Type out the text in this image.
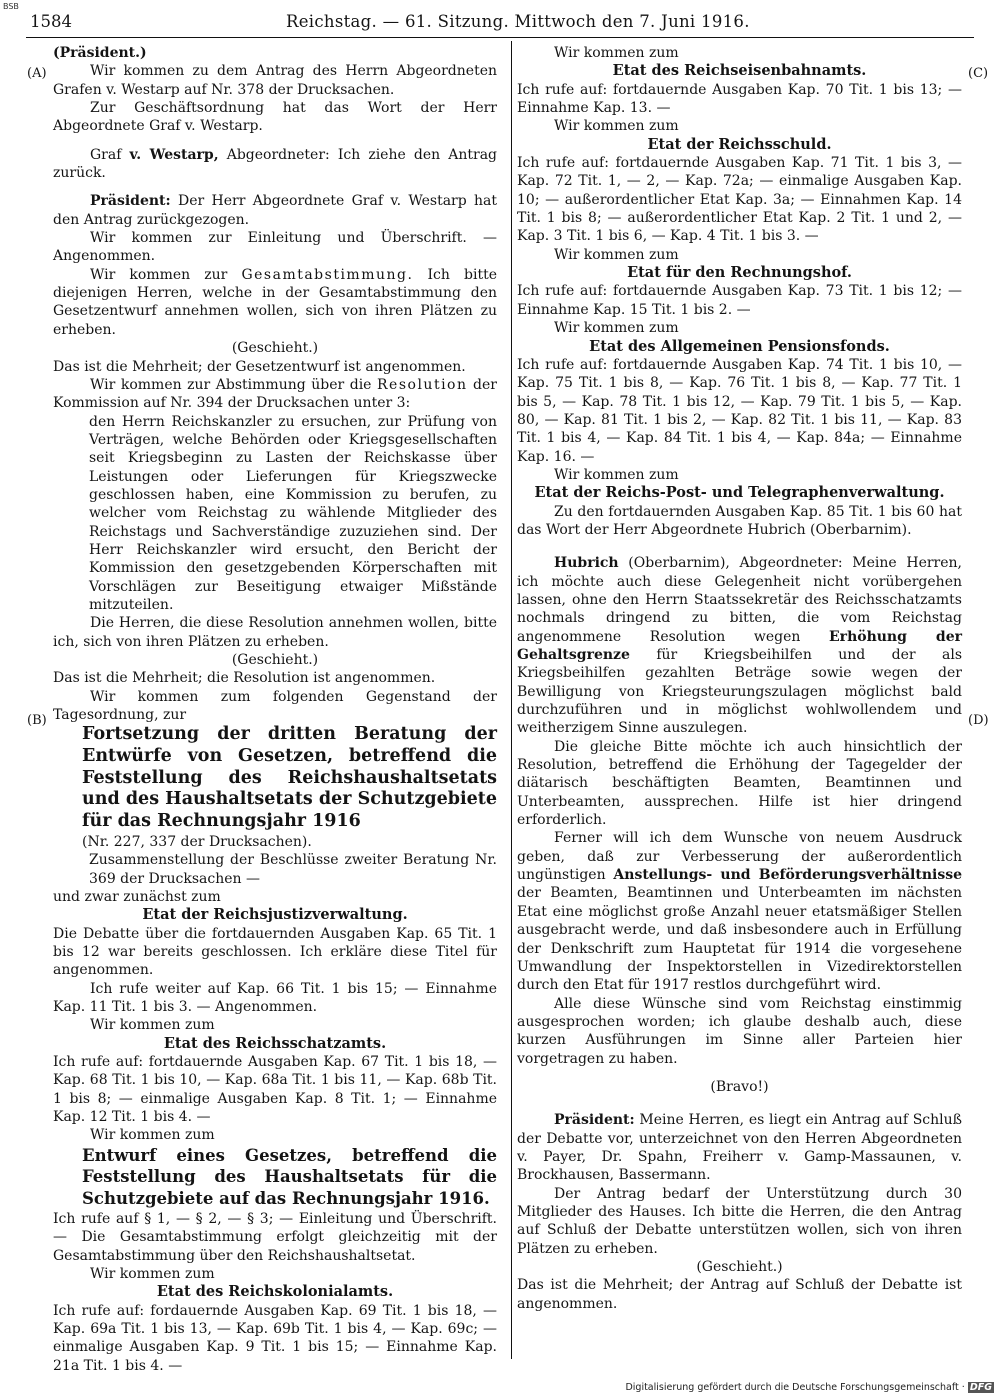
BSB
1584	Reichstag. — 61. Sitzung. Mittwoch den 7. Juni 1916.
(A)
(B)
(C)
(D)

(Präsident.)

Wir kommen zu dem Antrag des Herrn Abgeordneten Grafen v. Westarp auf Nr. 378 der Drucksachen.

Zur Geschäftsordnung hat das Wort der Herr Abgeordnete Graf v. Westarp.

Graf v. Westarp, Abgeordneter: Ich ziehe den Antrag zurück.

Präsident: Der Herr Abgeordnete Graf v. Westarp hat den Antrag zurückgezogen.

Wir kommen zur Einleitung und Überschrift. — Angenommen.

Wir kommen zur Gesamtabstimmung. Ich bitte diejenigen Herren, welche in der Gesamtabstimmung den Gesetzentwurf annehmen wollen, sich von ihren Plätzen zu erheben.

(Geschieht.)

Das ist die Mehrheit; der Gesetzentwurf ist angenommen.

Wir kommen zur Abstimmung über die Resolution der Kommission auf Nr. 394 der Drucksachen unter 3:

den Herrn Reichskanzler zu ersuchen, zur Prüfung von Verträgen, welche Behörden oder Kriegsgesellschaften seit Kriegsbeginn zu Lasten der Reichskasse über Leistungen oder Lieferungen für Kriegszwecke geschlossen haben, eine Kommission zu berufen, zu welcher vom Reichstag zu wählende Mitglieder des Reichstags und Sachverständige zuzuziehen sind. Der Herr Reichskanzler wird ersucht, den Bericht der Kommission den gesetzgebenden Körperschaften mit Vorschlägen zur Beseitigung etwaiger Mißstände mitzuteilen.

Die Herren, die diese Resolution annehmen wollen, bitte ich, sich von ihren Plätzen zu erheben.

(Geschieht.)

Das ist die Mehrheit; die Resolution ist angenommen.

Wir kommen zum folgenden Gegenstand der Tagesordnung, zur

Fortsetzung der dritten Beratung der Entwürfe von Gesetzen, betreffend die Feststellung des Reichshaushaltsetats und des Haushaltsetats der Schutzgebiete für das Rechnungsjahr 1916

(Nr. 227, 337 der Drucksachen).

Zusammenstellung der Beschlüsse zweiter Beratung Nr. 369 der Drucksachen —

und zwar zunächst zum

Etat der Reichsjustizverwaltung.

Die Debatte über die fortdauernden Ausgaben Kap. 65 Tit. 1 bis 12 war bereits geschlossen. Ich erkläre diese Titel für angenommen.

Ich rufe weiter auf Kap. 66 Tit. 1 bis 15; — Einnahme Kap. 11 Tit. 1 bis 3. — Angenommen.

Wir kommen zum

Etat des Reichsschatzamts.

Ich rufe auf: fortdauernde Ausgaben Kap. 67 Tit. 1 bis 18, — Kap. 68 Tit. 1 bis 10, — Kap. 68a Tit. 1 bis 11, — Kap. 68b Tit. 1 bis 8; — einmalige Ausgaben Kap. 8 Tit. 1; — Einnahme Kap. 12 Tit. 1 bis 4. —

Wir kommen zum

Entwurf eines Gesetzes, betreffend die Feststellung des Haushaltsetats für die Schutzgebiete auf das Rechnungsjahr 1916.

Ich rufe auf § 1, — § 2, — § 3; — Einleitung und Überschrift. — Die Gesamtabstimmung erfolgt gleichzeitig mit der Gesamtabstimmung über den Reichshaushaltsetat.

Wir kommen zum

Etat des Reichskolonialamts.

Ich rufe auf: fordauernde Ausgaben Kap. 69 Tit. 1 bis 18, — Kap. 69a Tit. 1 bis 13, — Kap. 69b Tit. 1 bis 4, — Kap. 69c; — einmalige Ausgaben Kap. 9 Tit. 1 bis 15; — Einnahme Kap. 21a Tit. 1 bis 4. —

Wir kommen zum

Etat des Reichseisenbahnamts.

Ich rufe auf: fortdauernde Ausgaben Kap. 70 Tit. 1 bis 13; — Einnahme Kap. 13. —

Wir kommen zum

Etat der Reichsschuld.

Ich rufe auf: fortdauernde Ausgaben Kap. 71 Tit. 1 bis 3, — Kap. 72 Tit. 1, — 2, — Kap. 72a; — einmalige Ausgaben Kap. 10; — außerordentlicher Etat Kap. 3a; — Einnahmen Kap. 14 Tit. 1 bis 8; — außerordentlicher Etat Kap. 2 Tit. 1 und 2, — Kap. 3 Tit. 1 bis 6, — Kap. 4 Tit. 1 bis 3. —

Wir kommen zum

Etat für den Rechnungshof.

Ich rufe auf: fortdauernde Ausgaben Kap. 73 Tit. 1 bis 12; — Einnahme Kap. 15 Tit. 1 bis 2. —

Wir kommen zum

Etat des Allgemeinen Pensionsfonds.

Ich rufe auf: fortdauernde Ausgaben Kap. 74 Tit. 1 bis 10, — Kap. 75 Tit. 1 bis 8, — Kap. 76 Tit. 1 bis 8, — Kap. 77 Tit. 1 bis 5, — Kap. 78 Tit. 1 bis 12, — Kap. 79 Tit. 1 bis 5, — Kap. 80, — Kap. 81 Tit. 1 bis 2, — Kap. 82 Tit. 1 bis 11, — Kap. 83 Tit. 1 bis 4, — Kap. 84 Tit. 1 bis 4, — Kap. 84a; — Einnahme Kap. 16. —

Wir kommen zum

Etat der Reichs-Post- und Telegraphenverwaltung.

Zu den fortdauernden Ausgaben Kap. 85 Tit. 1 bis 60 hat das Wort der Herr Abgeordnete Hubrich (Oberbarnim).

Hubrich (Oberbarnim), Abgeordneter: Meine Herren, ich möchte auch diese Gelegenheit nicht vorübergehen lassen, ohne den Herrn Staatssekretär des Reichsschatzamts nochmals dringend zu bitten, die vom Reichstag angenommene Resolution wegen Erhöhung der Gehaltsgrenze für Kriegsbeihilfen und der als Kriegsbeihilfen gezahlten Beträge sowie wegen der Bewilligung von Kriegsteurungszulagen möglichst bald durchzuführen und in möglichst wohlwollendem und weitherzigem Sinne auszulegen.

Die gleiche Bitte möchte ich auch hinsichtlich der Resolution, betreffend die Erhöhung der Tagegelder der diätarisch beschäftigten Beamten, Beamtinnen und Unterbeamten, aussprechen. Hilfe ist hier dringend erforderlich.

Ferner will ich dem Wunsche von neuem Ausdruck geben, daß zur Verbesserung der außerordentlich ungünstigen Anstellungs- und Beförderungsverhältnisse der Beamten, Beamtinnen und Unterbeamten im nächsten Etat eine möglichst große Anzahl neuer etatsmäßiger Stellen ausgebracht werde, und daß insbesondere auch in Erfüllung der Denkschrift zum Hauptetat für 1914 die vorgesehene Umwandlung der Inspektorstellen in Vizedirektorstellen durch den Etat für 1917 restlos durchgeführt wird.

Alle diese Wünsche sind vom Reichstag einstimmig ausgesprochen worden; ich glaube deshalb auch, diese kurzen Ausführungen im Sinne aller Parteien hier vorgetragen zu haben.

(Bravo!)

Präsident: Meine Herren, es liegt ein Antrag auf Schluß der Debatte vor, unterzeichnet von den Herren Abgeordneten v. Payer, Dr. Spahn, Freiherr v. Gamp-Massaunen, v. Brockhausen, Bassermann.

Der Antrag bedarf der Unterstützung durch 30 Mitglieder des Hauses. Ich bitte die Herren, die den Antrag auf Schluß der Debatte unterstützen wollen, sich von ihren Plätzen zu erheben.

(Geschieht.)

Das ist die Mehrheit; der Antrag auf Schluß der Debatte ist angenommen.

Digitalisierung gefördert durch die Deutsche Forschungsgemeinschaft · DFG
